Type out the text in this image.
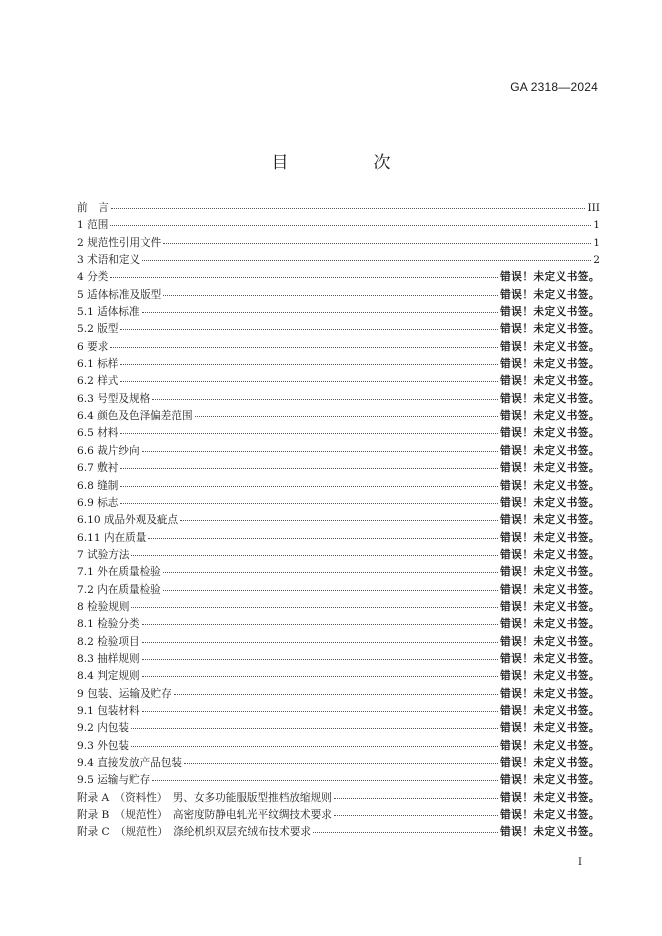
GA 2318—2024
目　次
前　言	III
1 范围	1
2 规范性引用文件	1
3 术语和定义	2
4 分类	错误！未定义书签。
5 适体标准及版型	错误！未定义书签。
5.1 适体标准	错误！未定义书签。
5.2 版型	错误！未定义书签。
6 要求	错误！未定义书签。
6.1 标样	错误！未定义书签。
6.2 样式	错误！未定义书签。
6.3 号型及规格	错误！未定义书签。
6.4 颜色及色泽偏差范围	错误！未定义书签。
6.5 材料	错误！未定义书签。
6.6 裁片纱向	错误！未定义书签。
6.7 敷衬	错误！未定义书签。
6.8 缝制	错误！未定义书签。
6.9 标志	错误！未定义书签。
6.10 成品外观及疵点	错误！未定义书签。
6.11 内在质量	错误！未定义书签。
7 试验方法	错误！未定义书签。
7.1 外在质量检验	错误！未定义书签。
7.2 内在质量检验	错误！未定义书签。
8 检验规则	错误！未定义书签。
8.1 检验分类	错误！未定义书签。
8.2 检验项目	错误！未定义书签。
8.3 抽样规则	错误！未定义书签。
8.4 判定规则	错误！未定义书签。
9 包装、运输及贮存	错误！未定义书签。
9.1 包装材料	错误！未定义书签。
9.2 内包装	错误！未定义书签。
9.3 外包装	错误！未定义书签。
9.4 直接发放产品包装	错误！未定义书签。
9.5 运输与贮存	错误！未定义书签。
附录 A　（资料性）　男、女多功能服版型推档放缩规则	错误！未定义书签。
附录 B　（规范性）　高密度防静电轧光平纹绸技术要求	错误！未定义书签。
附录 C　（规范性）　涤纶机织双层充绒布技术要求	错误！未定义书签。
I
